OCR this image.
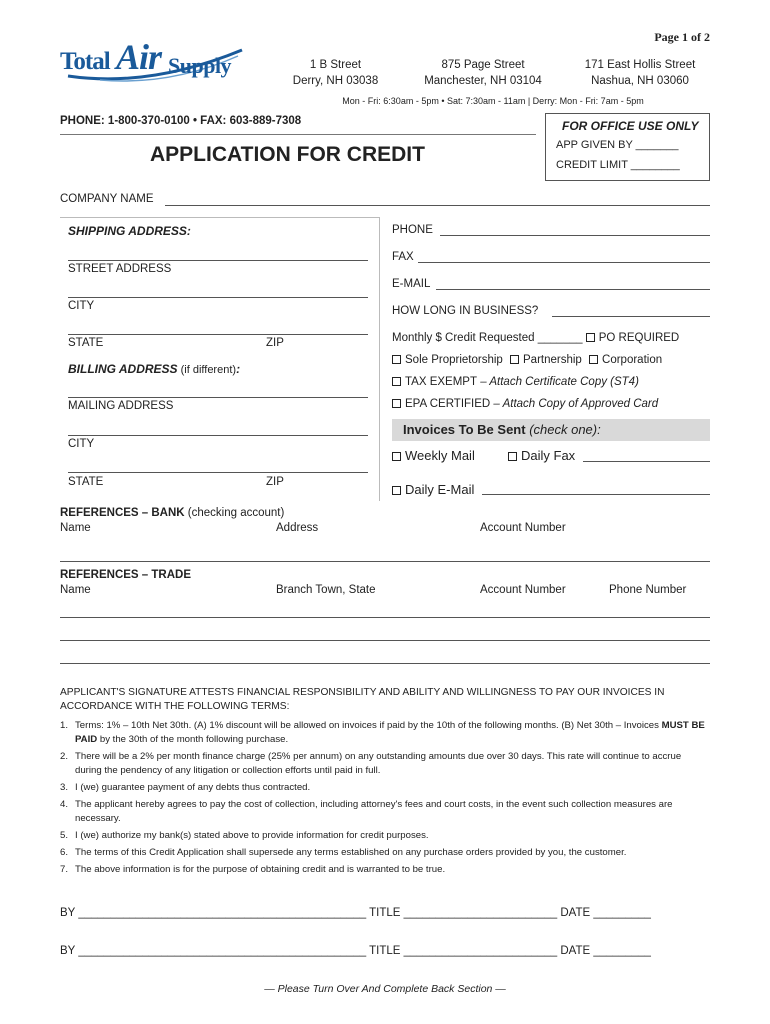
Page 1 of 2
Total Air Supply	1 B Street
Derry, NH 03038
875 Page Street
Manchester, NH 03104
171 East Hollis Street
Nashua, NH 03060
Mon - Fri: 6:30am - 5pm • Sat: 7:30am - 11am | Derry: Mon - Fri: 7am - 5pm
PHONE: 1-800-370-0100 • FAX: 603-889-7308
APPLICATION FOR CREDIT
FOR OFFICE USE ONLY
APP GIVEN BY _______
CREDIT LIMIT ________
COMPANY NAME
SHIPPING ADDRESS:
STREET ADDRESS
CITY
STATE	ZIP
BILLING ADDRESS (if different):
MAILING ADDRESS
CITY
STATE	ZIP
PHONE
FAX
E-MAIL
HOW LONG IN BUSINESS?
Monthly $ Credit Requested _______ PO REQUIRED
Sole Proprietorship Partnership Corporation
TAX EXEMPT – Attach Certificate Copy (ST4)
EPA CERTIFIED – Attach Copy of Approved Card
Invoices To Be Sent (check one):
Weekly Mail	Daily Fax
Daily E-Mail
REFERENCES – BANK (checking account)
Name	Address	Account Number
REFERENCES – TRADE
Name	Branch Town, State	Account Number	Phone Number
APPLICANT'S SIGNATURE ATTESTS FINANCIAL RESPONSIBILITY AND ABILITY AND WILLINGNESS TO PAY OUR INVOICES IN ACCORDANCE WITH THE FOLLOWING TERMS:
1. Terms: 1% – 10th Net 30th. (A) 1% discount will be allowed on invoices if paid by the 10th of the following months. (B) Net 30th – Invoices MUST BE PAID by the 30th of the month following purchase.
2. There will be a 2% per month finance charge (25% per annum) on any outstanding amounts due over 30 days. This rate will continue to accrue during the pendency of any litigation or collection efforts until paid in full.
3. I (we) guarantee payment of any debts thus contracted.
4. The applicant hereby agrees to pay the cost of collection, including attorney's fees and court costs, in the event such collection measures are necessary.
5. I (we) authorize my bank(s) stated above to provide information for credit purposes.
6. The terms of this Credit Application shall supersede any terms established on any purchase orders provided by you, the customer.
7. The above information is for the purpose of obtaining credit and is warranted to be true.
BY _____________________________________________ TITLE ________________________ DATE _________
BY _____________________________________________ TITLE ________________________ DATE _________
— Please Turn Over And Complete Back Section —
